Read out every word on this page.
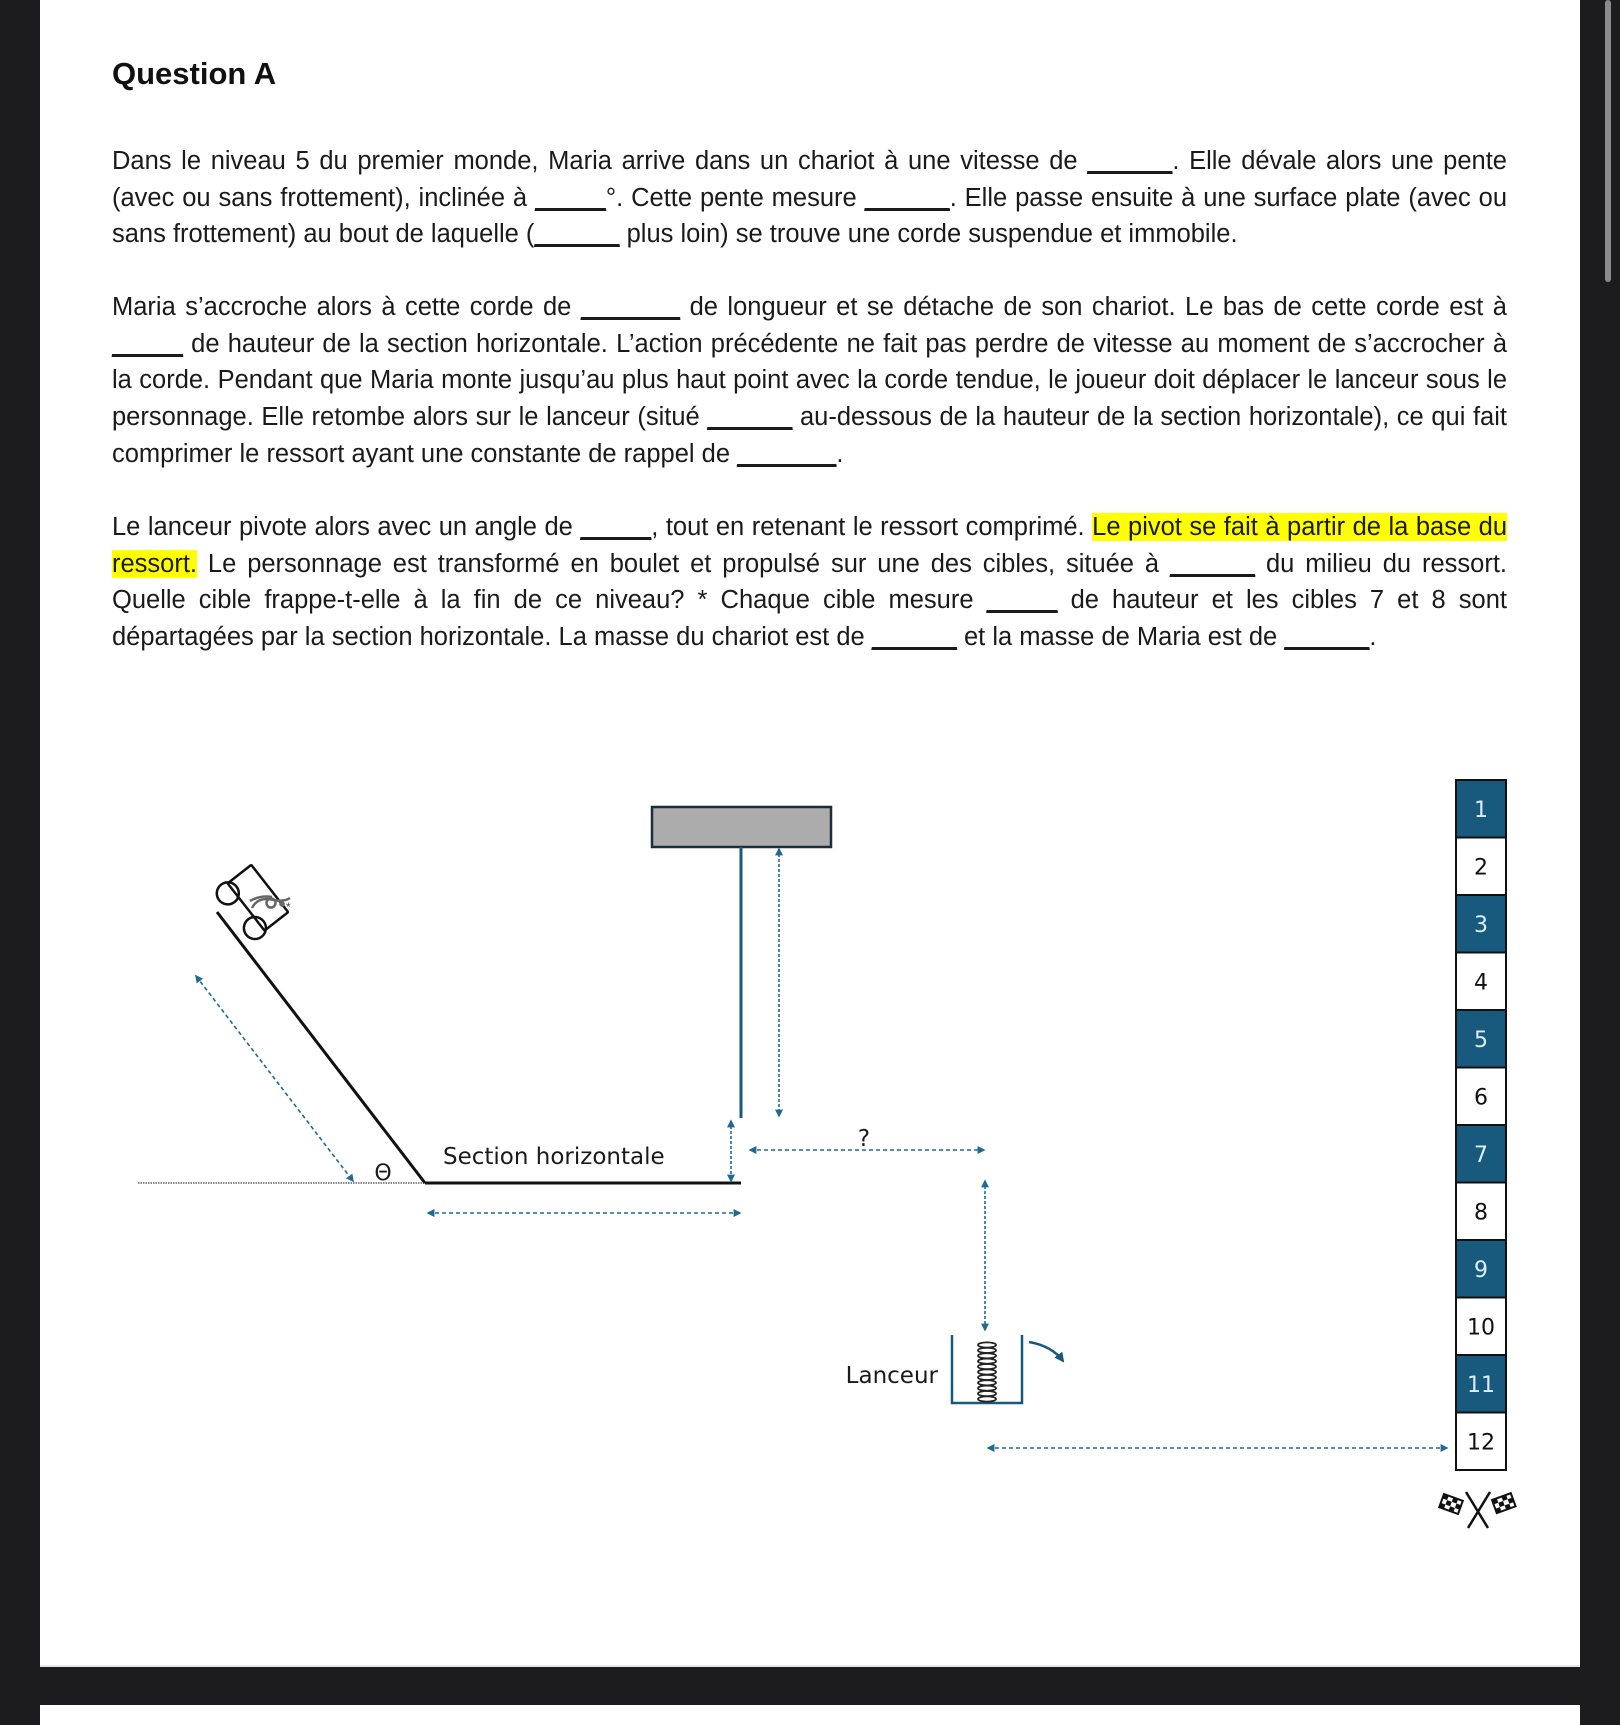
Question A

Dans le niveau 5 du premier monde, Maria arrive dans un chariot à une vitesse de ______. Elle dévale alors une pente (avec ou sans frottement), inclinée à _____°. Cette pente mesure ______. Elle passe ensuite à une surface plate (avec ou sans frottement) au bout de laquelle (______ plus loin) se trouve une corde suspendue et immobile.

Maria s’accroche alors à cette corde de _______ de longueur et se détache de son chariot. Le bas de cette corde est à _____ de hauteur de la section horizontale. L’action précédente ne fait pas perdre de vitesse au moment de s’accrocher à la corde. Pendant que Maria monte jusqu’au plus haut point avec la corde tendue, le joueur doit déplacer le lanceur sous le personnage. Elle retombe alors sur le lanceur (situé ______ au-dessous de la hauteur de la section horizontale), ce qui fait comprimer le ressort ayant une constante de rappel de _______.

Le lanceur pivote alors avec un angle de _____, tout en retenant le ressort comprimé. Le pivot se fait à partir de la base du ressort. Le personnage est transformé en boulet et propulsé sur une des cibles, située à ______ du milieu du ressort. Quelle cible frappe-t-elle à la fin de ce niveau? * Chaque cible mesure _____ de hauteur et les cibles 7 et 8 sont départagées par la section horizontale. La masse du chariot est de ______ et la masse de Maria est de ______.

Θ
*
Section horizontale
?
Lanceur
1
2
3
4
5
6
7
8
9
10
11
12
